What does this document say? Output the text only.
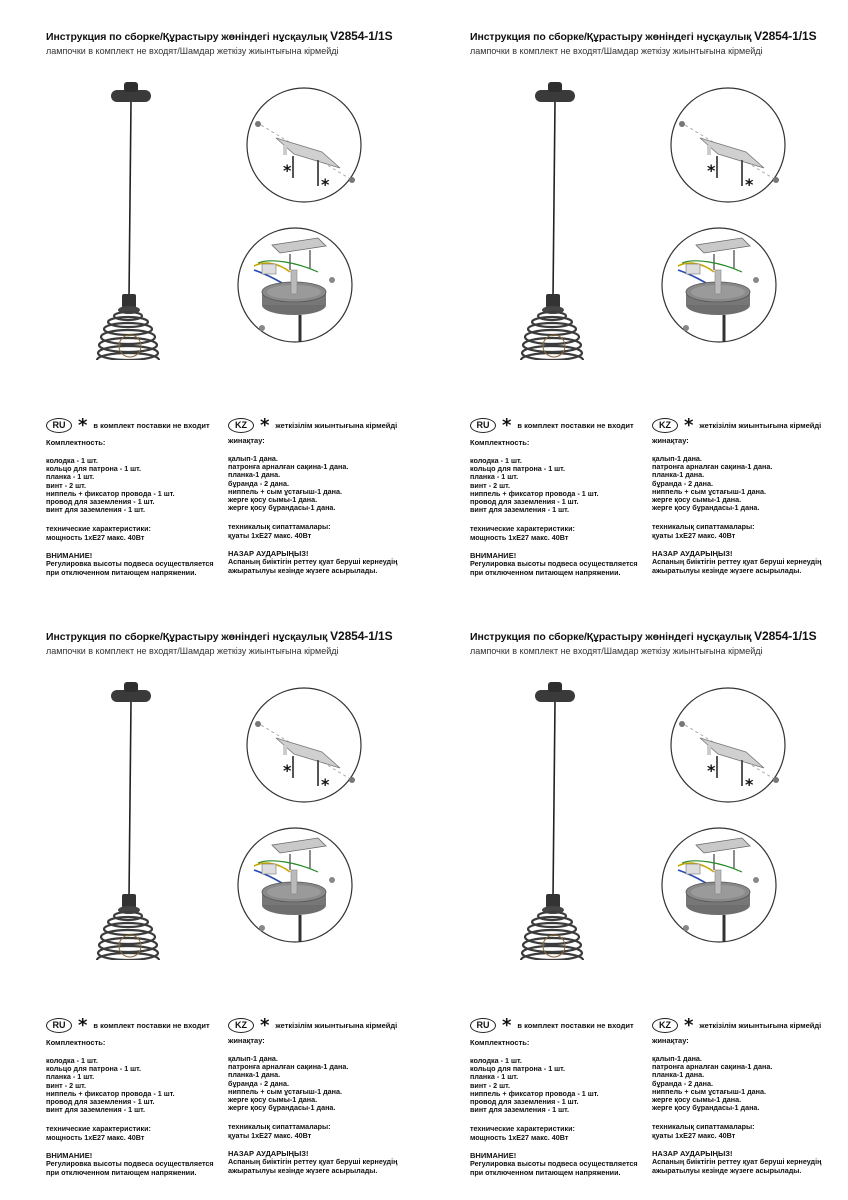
Инструкция по сборке/Құрастыру жөніндегі нұсқаулық V2854-1/1S
лампочки в комплект не входят/Шамдар жеткізу жиынтығына кірмейді
*
*
RU * в комплект поставки не входит	KZ * жеткізілім жиынтығына кірмейді
Комплектность:
колодка - 1 шт.
кольцо для патрона - 1 шт.
планка - 1 шт.
винт - 2 шт.
ниппель + фиксатор провода - 1 шт.
провод для заземления - 1 шт.
винт для заземления - 1 шт.
технические характеристики:
мощность 1хE27 макс. 40Вт
ВНИМАНИЕ!
Регулировка высоты подвеса осуществляется при отключенном питающем напряжении.
жинақтау:
қалып-1 дана.
патронға арналған сақина-1 дана.
планка-1 дана.
бұранда - 2 дана.
ниппель + сым ұстағыш-1 дана.
жерге қосу сымы-1 дана.
жерге қосу бұрандасы-1 дана.
техникалық сипаттамалары:
қуаты 1хE27 макс. 40Вт
НАЗАР АУДАРЫҢЫЗ!
Аспаның биіктігін реттеу қуат беруші кернеудің ажыратылуы кезінде жүзеге асырылады.
Инструкция по сборке/Құрастыру жөніндегі нұсқаулық V2854-1/1S
лампочки в комплект не входят/Шамдар жеткізу жиынтығына кірмейді
*
*
RU * в комплект поставки не входит	KZ * жеткізілім жиынтығына кірмейді
Комплектность:
колодка - 1 шт.
кольцо для патрона - 1 шт.
планка - 1 шт.
винт - 2 шт.
ниппель + фиксатор провода - 1 шт.
провод для заземления - 1 шт.
винт для заземления - 1 шт.
технические характеристики:
мощность 1хE27 макс. 40Вт
ВНИМАНИЕ!
Регулировка высоты подвеса осуществляется при отключенном питающем напряжении.
жинақтау:
қалып-1 дана.
патронға арналған сақина-1 дана.
планка-1 дана.
бұранда - 2 дана.
ниппель + сым ұстағыш-1 дана.
жерге қосу сымы-1 дана.
жерге қосу бұрандасы-1 дана.
техникалық сипаттамалары:
қуаты 1хE27 макс. 40Вт
НАЗАР АУДАРЫҢЫЗ!
Аспаның биіктігін реттеу қуат беруші кернеудің ажыратылуы кезінде жүзеге асырылады.
Инструкция по сборке/Құрастыру жөніндегі нұсқаулық V2854-1/1S
лампочки в комплект не входят/Шамдар жеткізу жиынтығына кірмейді
*
*
RU * в комплект поставки не входит	KZ * жеткізілім жиынтығына кірмейді
Комплектность:
колодка - 1 шт.
кольцо для патрона - 1 шт.
планка - 1 шт.
винт - 2 шт.
ниппель + фиксатор провода - 1 шт.
провод для заземления - 1 шт.
винт для заземления - 1 шт.
технические характеристики:
мощность 1хE27 макс. 40Вт
ВНИМАНИЕ!
Регулировка высоты подвеса осуществляется при отключенном питающем напряжении.
жинақтау:
қалып-1 дана.
патронға арналған сақина-1 дана.
планка-1 дана.
бұранда - 2 дана.
ниппель + сым ұстағыш-1 дана.
жерге қосу сымы-1 дана.
жерге қосу бұрандасы-1 дана.
техникалық сипаттамалары:
қуаты 1хE27 макс. 40Вт
НАЗАР АУДАРЫҢЫЗ!
Аспаның биіктігін реттеу қуат беруші кернеудің ажыратылуы кезінде жүзеге асырылады.
Инструкция по сборке/Құрастыру жөніндегі нұсқаулық V2854-1/1S
лампочки в комплект не входят/Шамдар жеткізу жиынтығына кірмейді
*
*
RU * в комплект поставки не входит	KZ * жеткізілім жиынтығына кірмейді
Комплектность:
колодка - 1 шт.
кольцо для патрона - 1 шт.
планка - 1 шт.
винт - 2 шт.
ниппель + фиксатор провода - 1 шт.
провод для заземления - 1 шт.
винт для заземления - 1 шт.
технические характеристики:
мощность 1хE27 макс. 40Вт
ВНИМАНИЕ!
Регулировка высоты подвеса осуществляется при отключенном питающем напряжении.
жинақтау:
қалып-1 дана.
патронға арналған сақина-1 дана.
планка-1 дана.
бұранда - 2 дана.
ниппель + сым ұстағыш-1 дана.
жерге қосу сымы-1 дана.
жерге қосу бұрандасы-1 дана.
техникалық сипаттамалары:
қуаты 1хE27 макс. 40Вт
НАЗАР АУДАРЫҢЫЗ!
Аспаның биіктігін реттеу қуат беруші кернеудің ажыратылуы кезінде жүзеге асырылады.
